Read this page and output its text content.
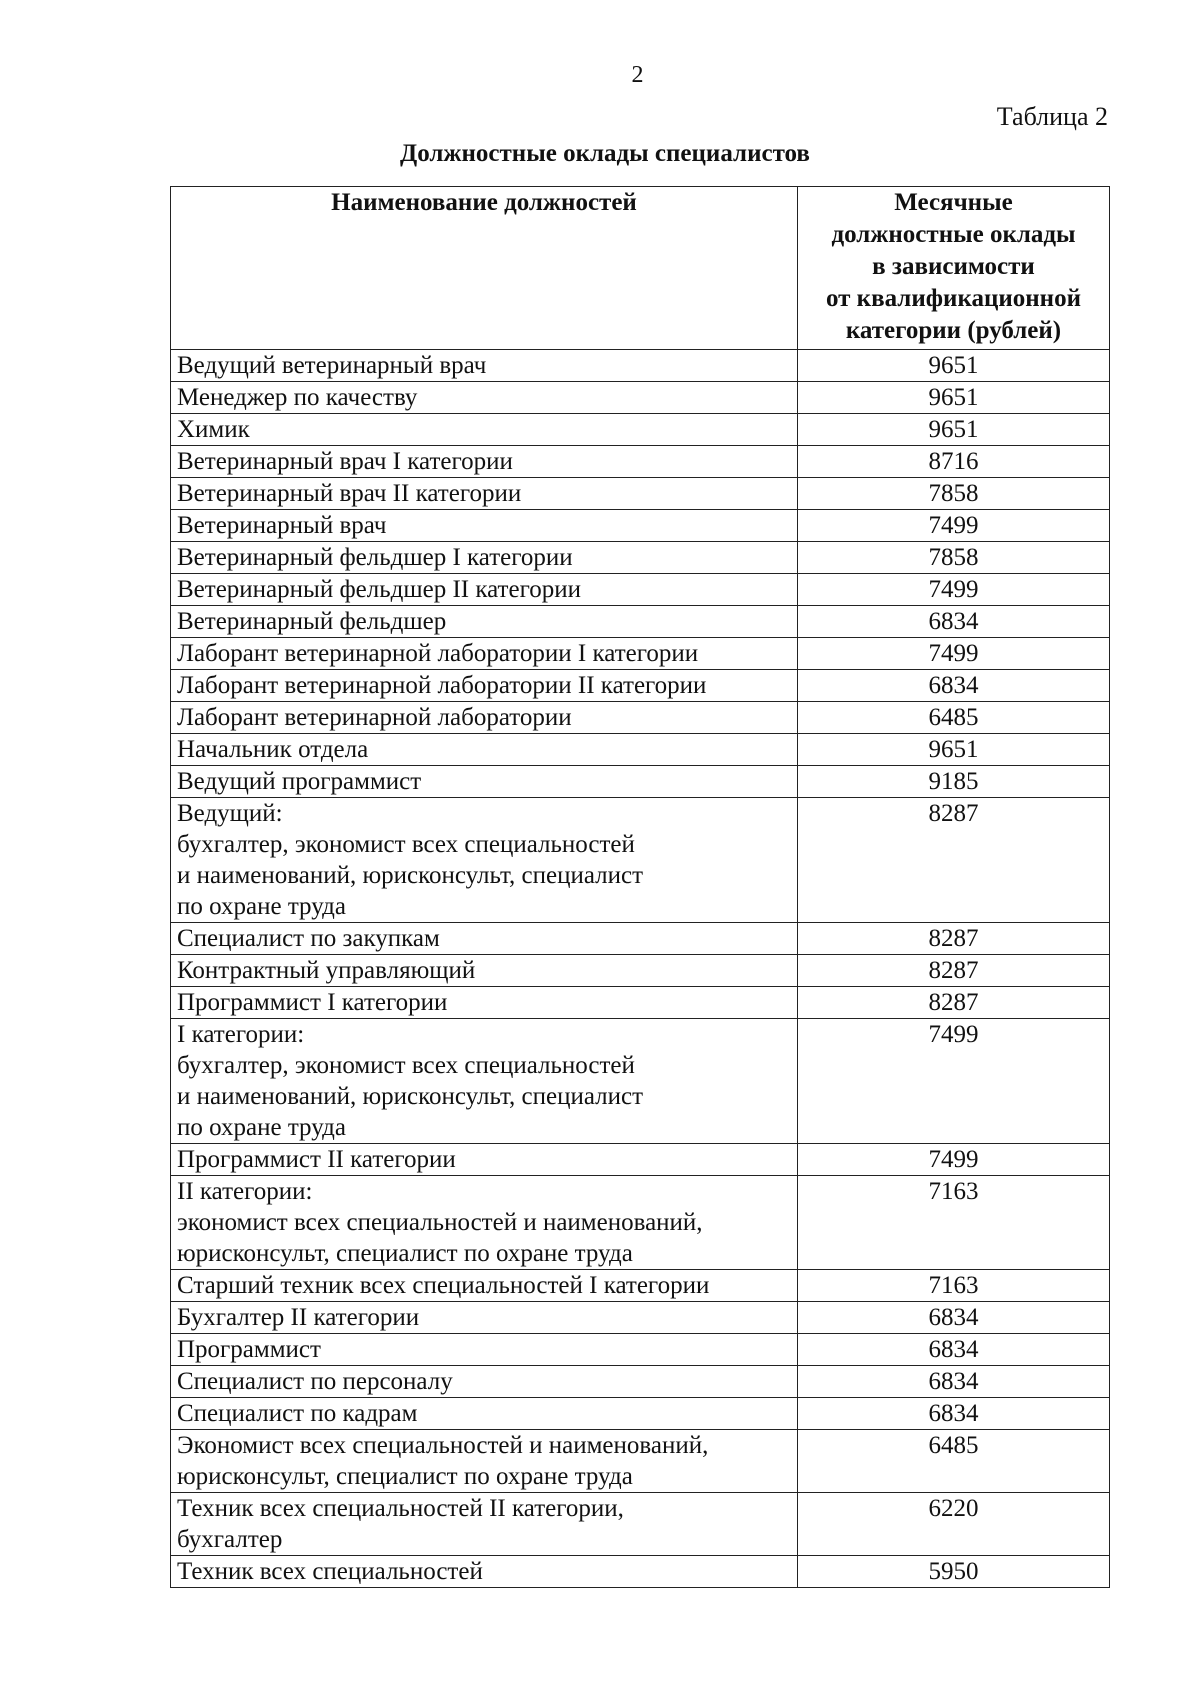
2
Таблица 2
Должностные оклады специалистов
Наименование должностей	Месячные
должностные оклады
в зависимости
от квалификационной
категории (рублей)

Ведущий ветеринарный врач	9651

Менеджер по качеству	9651

Химик	9651

Ветеринарный врач I категории	8716

Ветеринарный врач II категории	7858

Ветеринарный врач	7499

Ветеринарный фельдшер I категории	7858

Ветеринарный фельдшер II категории	7499

Ветеринарный фельдшер	6834

Лаборант ветеринарной лаборатории I категории	7499

Лаборант ветеринарной лаборатории II категории	6834

Лаборант ветеринарной лаборатории	6485

Начальник отдела	9651

Ведущий программист	9185

Ведущий:
бухгалтер, экономист всех специальностей
и наименований, юрисконсульт, специалист
по охране труда	8287

Специалист по закупкам	8287

Контрактный управляющий	8287

Программист I категории	8287

I категории:
бухгалтер, экономист всех специальностей
и наименований, юрисконсульт, специалист
по охране труда	7499

Программист II категории	7499

II категории:
экономист всех специальностей и наименований,
юрисконсульт, специалист по охране труда	7163

Старший техник всех специальностей I категории	7163

Бухгалтер II категории	6834

Программист	6834

Специалист по персоналу	6834

Специалист по кадрам	6834

Экономист всех специальностей и наименований,
юрисконсульт, специалист по охране труда	6485

Техник всех специальностей II категории,
бухгалтер	6220

Техник всех специальностей	5950
